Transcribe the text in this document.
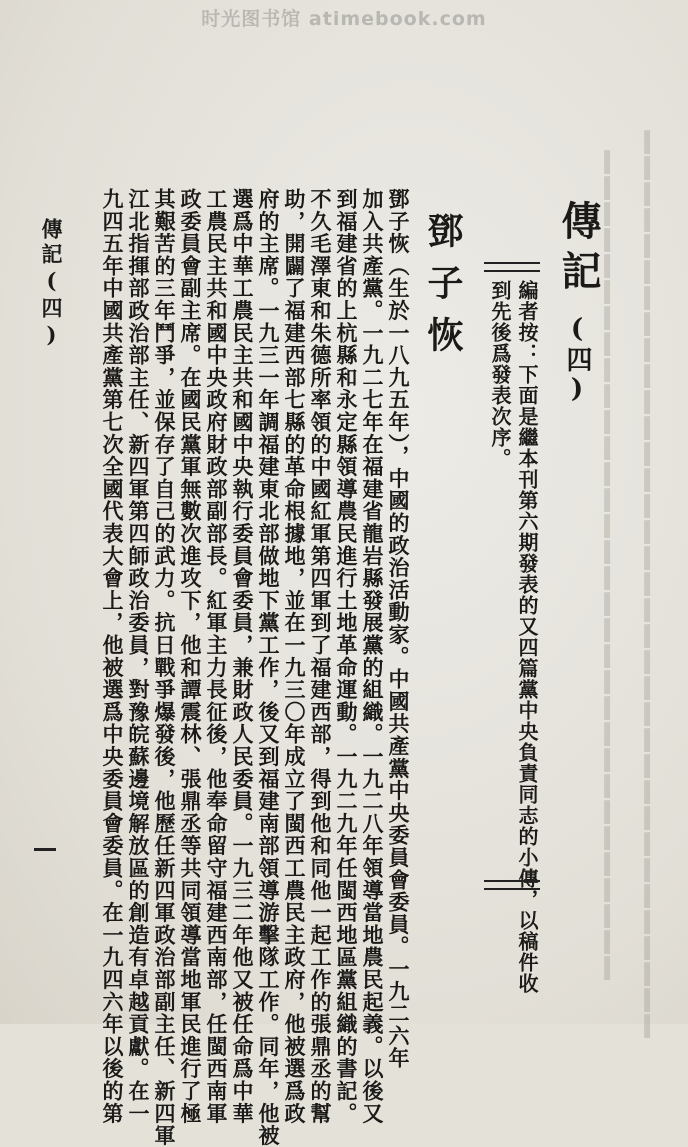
时光图书馆 atimebook.com
▍▍▍▍▍▍▍▍▍▍▍▍▍▍▍▍▍▍▍▍▍▍▍▍▍▍▍▍▍▍▍▍ ▍▍▍▍▍▍▍▍▍▍▍▍▍▍▍▍▍▍▍▍▍▍▍▍▍▍▍▍▍▍▍▍▍▍▍
傳記
(四)
編者按：下面是繼本刊第六期發表的又四篇黨中央負責同志的小傳，以稿件收
到先後爲發表次序。
鄧子恢
鄧子恢（生於一八九五年），中國的政治活動家。中國共產黨中央委員會委員。一九二六年
加入共產黨。一九二七年在福建省龍岩縣發展黨的組織。一九二八年領導當地農民起義。以後又
到福建省的上杭縣和永定縣領導農民進行土地革命運動。一九二九年任閩西地區黨組織的書記。
不久毛澤東和朱德所率領的中國紅軍第四軍到了福建西部，得到他和同他一起工作的張鼎丞的幫
助，開闢了福建西部七縣的革命根據地，並在一九三〇年成立了閩西工農民主政府，他被選爲政
府的主席。一九三一年調福建東北部做地下黨工作，後又到福建南部領導游擊隊工作。同年，他被
選爲中華工農民主共和國中央執行委員會委員，兼財政人民委員。一九三二年他又被任命爲中華
工農民主共和國中央政府財政部副部長。紅軍主力長征後，他奉命留守福建西南部，任閩西南軍
政委員會副主席。在國民黨軍無數次進攻下，他和譚震林、張鼎丞等共同領導當地軍民進行了極
其艱苦的三年鬥爭，並保存了自己的武力。抗日戰爭爆發後，他歷任新四軍政治部副主任、新四軍
江北指揮部政治部主任、新四軍第四師政治委員，對豫皖蘇邊境解放區的創造有卓越貢獻。在一
九四五年中國共產黨第七次全國代表大會上，他被選爲中央委員會委員。在一九四六年以後的第
傳記(四)
